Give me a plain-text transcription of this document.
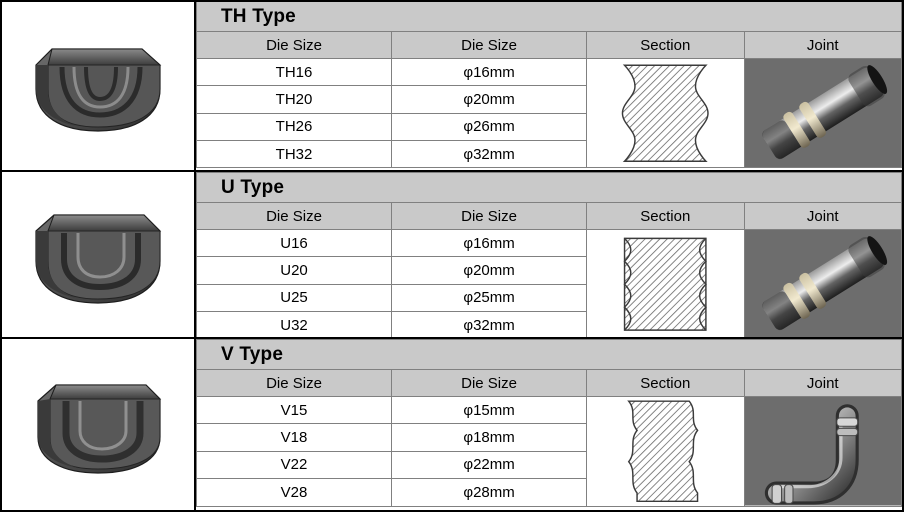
TH Type			

Die Size	Die Size	Section	Joint
TH16	φ16mm	

TH20	φ20mm		
TH26	φ26mm		
TH32	φ32mm		
U Type			

Die Size	Die Size	Section	Joint
U16	φ16mm	

U20	φ20mm		
U25	φ25mm		
U32	φ32mm		
V Type			

Die Size	Die Size	Section	Joint
V15	φ15mm	

V18	φ18mm		
V22	φ22mm		
V28	φ28mm		
